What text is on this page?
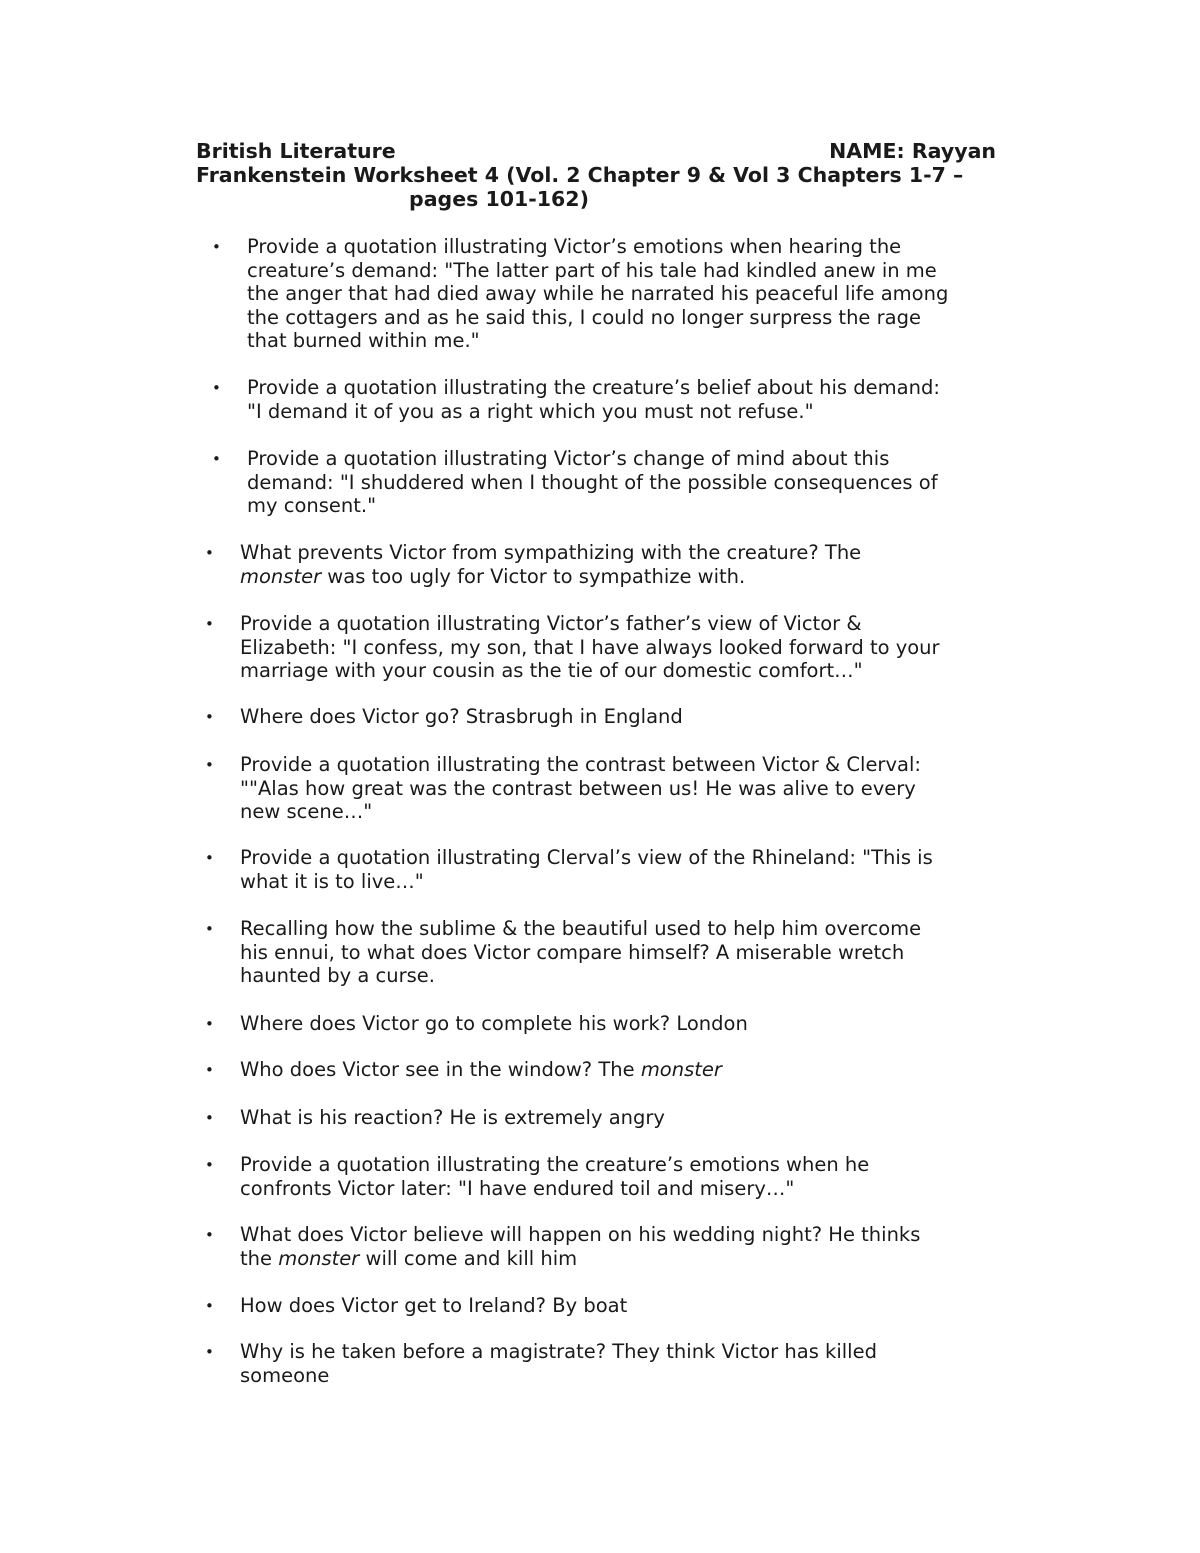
British Literature	NAME: Rayyan
Frankenstein Worksheet 4 (Vol. 2 Chapter 9 & Vol 3 Chapters 1-7 –
pages 101-162)
• Provide a quotation illustrating Victor’s emotions when hearing the
creature’s demand: "The latter part of his tale had kindled anew in me
the anger that had died away while he narrated his peaceful life among
the cottagers and as he said this, I could no longer surpress the rage
that burned within me."
• Provide a quotation illustrating the creature’s belief about his demand:
"I demand it of you as a right which you must not refuse."
• Provide a quotation illustrating Victor’s change of mind about this
demand: "I shuddered when I thought of the possible consequences of
my consent."
• What prevents Victor from sympathizing with the creature? The
monster was too ugly for Victor to sympathize with.
• Provide a quotation illustrating Victor’s father’s view of Victor &
Elizabeth: "I confess, my son, that I have always looked forward to your
marriage with your cousin as the tie of our domestic comfort…"
• Where does Victor go? Strasbrugh in England
• Provide a quotation illustrating the contrast between Victor & Clerval:
""Alas how great was the contrast between us! He was alive to every
new scene…"
• Provide a quotation illustrating Clerval’s view of the Rhineland: "This is
what it is to live…"
• Recalling how the sublime & the beautiful used to help him overcome
his ennui, to what does Victor compare himself? A miserable wretch
haunted by a curse.
• Where does Victor go to complete his work? London
• Who does Victor see in the window? The monster
• What is his reaction? He is extremely angry
• Provide a quotation illustrating the creature’s emotions when he
confronts Victor later: "I have endured toil and misery…"
• What does Victor believe will happen on his wedding night? He thinks
the monster will come and kill him
• How does Victor get to Ireland? By boat
• Why is he taken before a magistrate? They think Victor has killed
someone
